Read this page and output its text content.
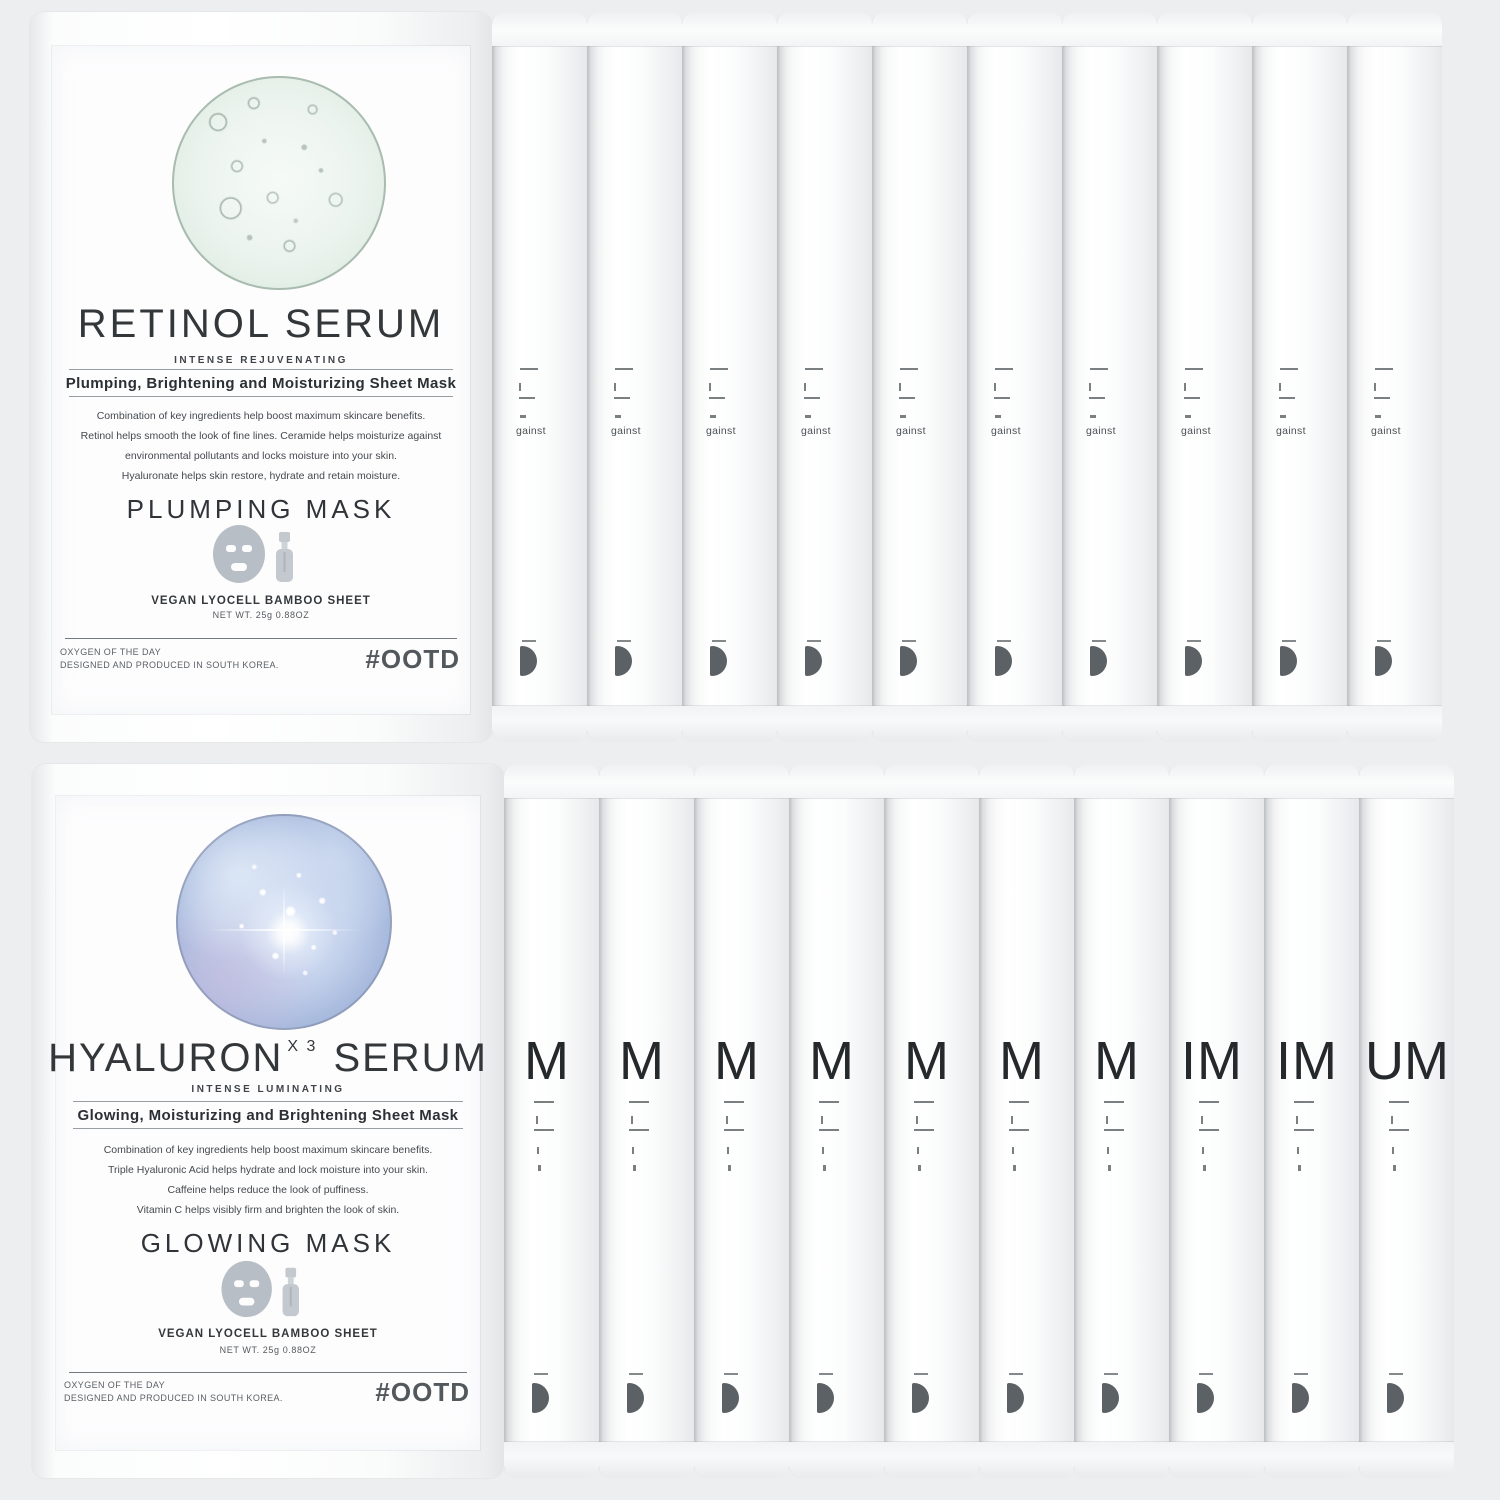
RETINOL SERUM
INTENSE REJUVENATING
Plumping, Brightening and Moisturizing Sheet Mask
Combination of key ingredients help boost maximum skincare benefits.
Retinol helps smooth the look of fine lines. Ceramide helps moisturize against
environmental pollutants and locks moisture into your skin.
Hyaluronate helps skin restore, hydrate and retain moisture.
PLUMPING MASK
VEGAN LYOCELL BAMBOO SHEET
NET WT. 25g 0.88OZ
OXYGEN OF THE DAY
DESIGNED AND PRODUCED IN SOUTH KOREA.	#OOTD
gainst	gainst	gainst	gainst	gainst	gainst	gainst	gainst	gainst	gainst
HYALURON X 3 SERUM
INTENSE LUMINATING
Glowing, Moisturizing and Brightening Sheet Mask
Combination of key ingredients help boost maximum skincare benefits.
Triple Hyaluronic Acid helps hydrate and lock moisture into your skin.
Caffeine helps reduce the look of puffiness.
Vitamin C helps visibly firm and brighten the look of skin.
GLOWING MASK
VEGAN LYOCELL BAMBOO SHEET
NET WT. 25g 0.88OZ
OXYGEN OF THE DAY
DESIGNED AND PRODUCED IN SOUTH KOREA.	#OOTD
M M M M M M M IM IM UM
